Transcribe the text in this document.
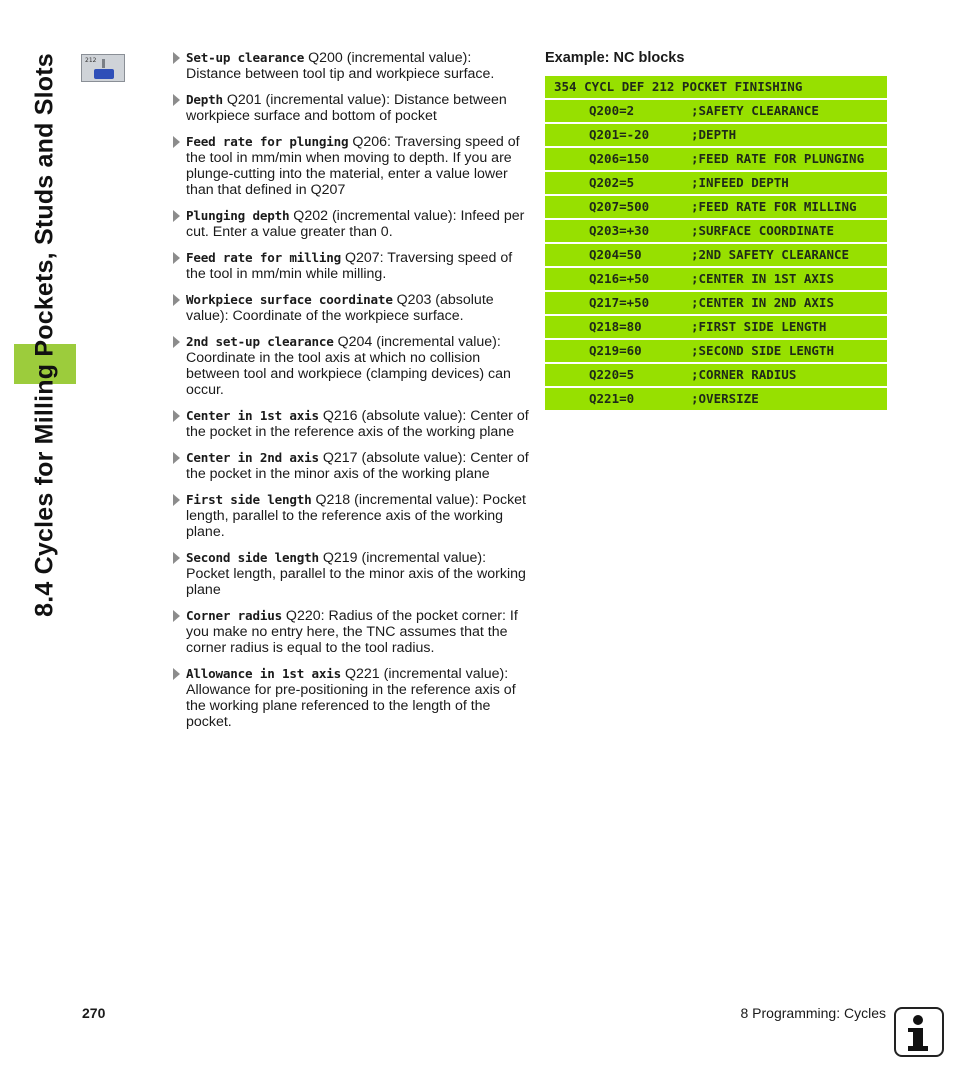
8.4 Cycles for Milling Pockets, Studs and Slots	212	Set-up clearance Q200 (incremental value): Distance between tool tip and workpiece surface.
Depth Q201 (incremental value): Distance between workpiece surface and bottom of pocket
Feed rate for plunging Q206: Traversing speed of the tool in mm/min when moving to depth. If you are plunge-cutting into the material, enter a value lower than that defined in Q207
Plunging depth Q202 (incremental value): Infeed per cut. Enter a value greater than 0.
Feed rate for milling Q207: Traversing speed of the tool in mm/min while milling.
Workpiece surface coordinate Q203 (absolute value): Coordinate of the workpiece surface.
2nd set-up clearance Q204 (incremental value): Coordinate in the tool axis at which no collision between tool and workpiece (clamping devices) can occur.
Center in 1st axis Q216 (absolute value): Center of the pocket in the reference axis of the working plane
Center in 2nd axis Q217 (absolute value): Center of the pocket in the minor axis of the working plane
First side length Q218 (incremental value): Pocket length, parallel to the reference axis of the working plane.
Second side length Q219 (incremental value): Pocket length, parallel to the minor axis of the working plane
Corner radius Q220: Radius of the pocket corner: If you make no entry here, the TNC assumes that the corner radius is equal to the tool radius.
Allowance in 1st axis Q221 (incremental value): Allowance for pre-positioning in the reference axis of the working plane referenced to the length of the pocket.
Example: NC blocks
354 CYCL DEF 212 POCKET FINISHING
Q200=2	;SAFETY CLEARANCE
Q201=-20	;DEPTH
Q206=150	;FEED RATE FOR PLUNGING
Q202=5	;INFEED DEPTH
Q207=500	;FEED RATE FOR MILLING
Q203=+30	;SURFACE COORDINATE
Q204=50	;2ND SAFETY CLEARANCE
Q216=+50	;CENTER IN 1ST AXIS
Q217=+50	;CENTER IN 2ND AXIS
Q218=80	;FIRST SIDE LENGTH
Q219=60	;SECOND SIDE LENGTH
Q220=5	;CORNER RADIUS
Q221=0	;OVERSIZE
270	8 Programming: Cycles
